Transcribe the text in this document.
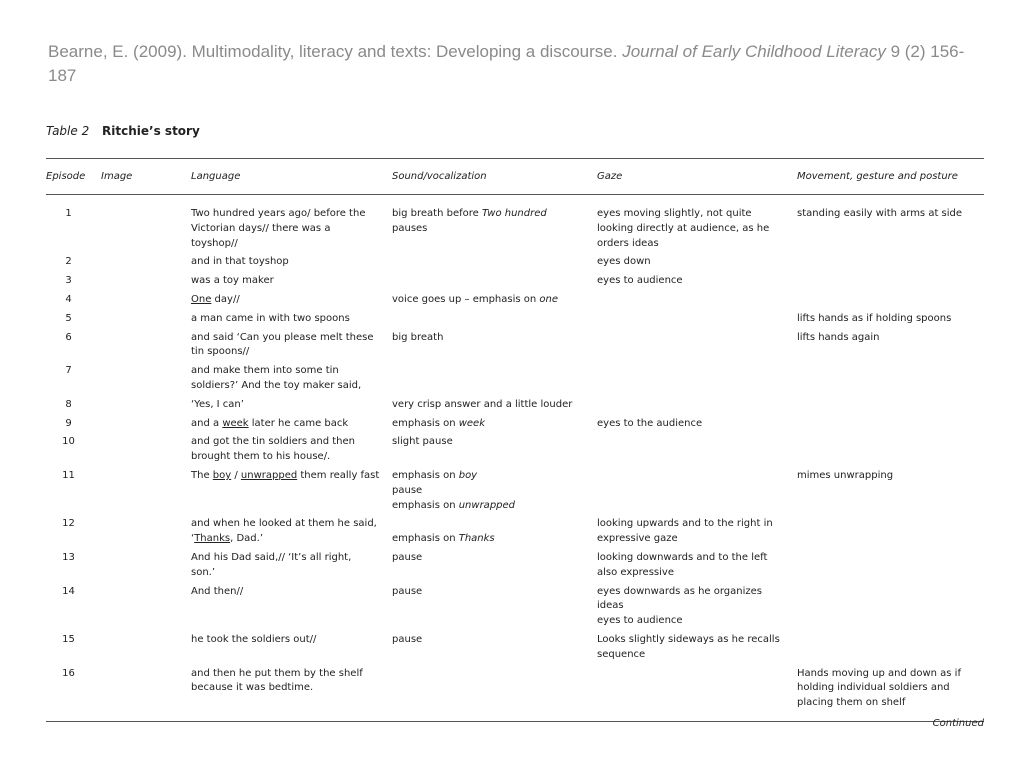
Bearne, E. (2009). Multimodality, literacy and texts: Developing a discourse. Journal of Early Childhood Literacy 9 (2) 156-187

Table 2 Ritchie’s story
Episode	Image	Language	Sound/vocalization	Gaze	Movement, gesture and posture
1		Two hundred years ago/ before the
Victorian days// there was a
toyshop//	big breath before Two hundred
pauses	eyes moving slightly, not quite
looking directly at audience, as he
orders ideas	standing easily with arms at side

2		and in that toyshop		eyes down	

3		was a toy maker		eyes to audience	

4		One day//	voice goes up – emphasis on one		

5		a man came in with two spoons			lifts hands as if holding spoons

6		and said ‘Can you please melt these
tin spoons//	big breath		lifts hands again

7		and make them into some tin
soldiers?’ And the toy maker said,			

8		‘Yes, I can’	very crisp answer and a little louder		

9		and a week later he came back	emphasis on week	eyes to the audience	

10		and got the tin soldiers and then
brought them to his house/.	slight pause		

11		The boy / unwrapped them really fast	emphasis on boy
pause
emphasis on unwrapped		mimes unwrapping

12		and when he looked at them he said,
‘Thanks, Dad.’	emphasis on Thanks	looking upwards and to the right in
expressive gaze	

13		And his Dad said,// ‘It’s all right,
son.’	pause	looking downwards and to the left
also expressive	

14		And then//	pause	eyes downwards as he organizes
ideas
eyes to audience	

15		he took the soldiers out//	pause	Looks slightly sideways as he recalls
sequence	

16		and then he put them by the shelf
because it was bedtime.			Hands moving up and down as if
holding individual soldiers and
placing them on shelf
Continued
